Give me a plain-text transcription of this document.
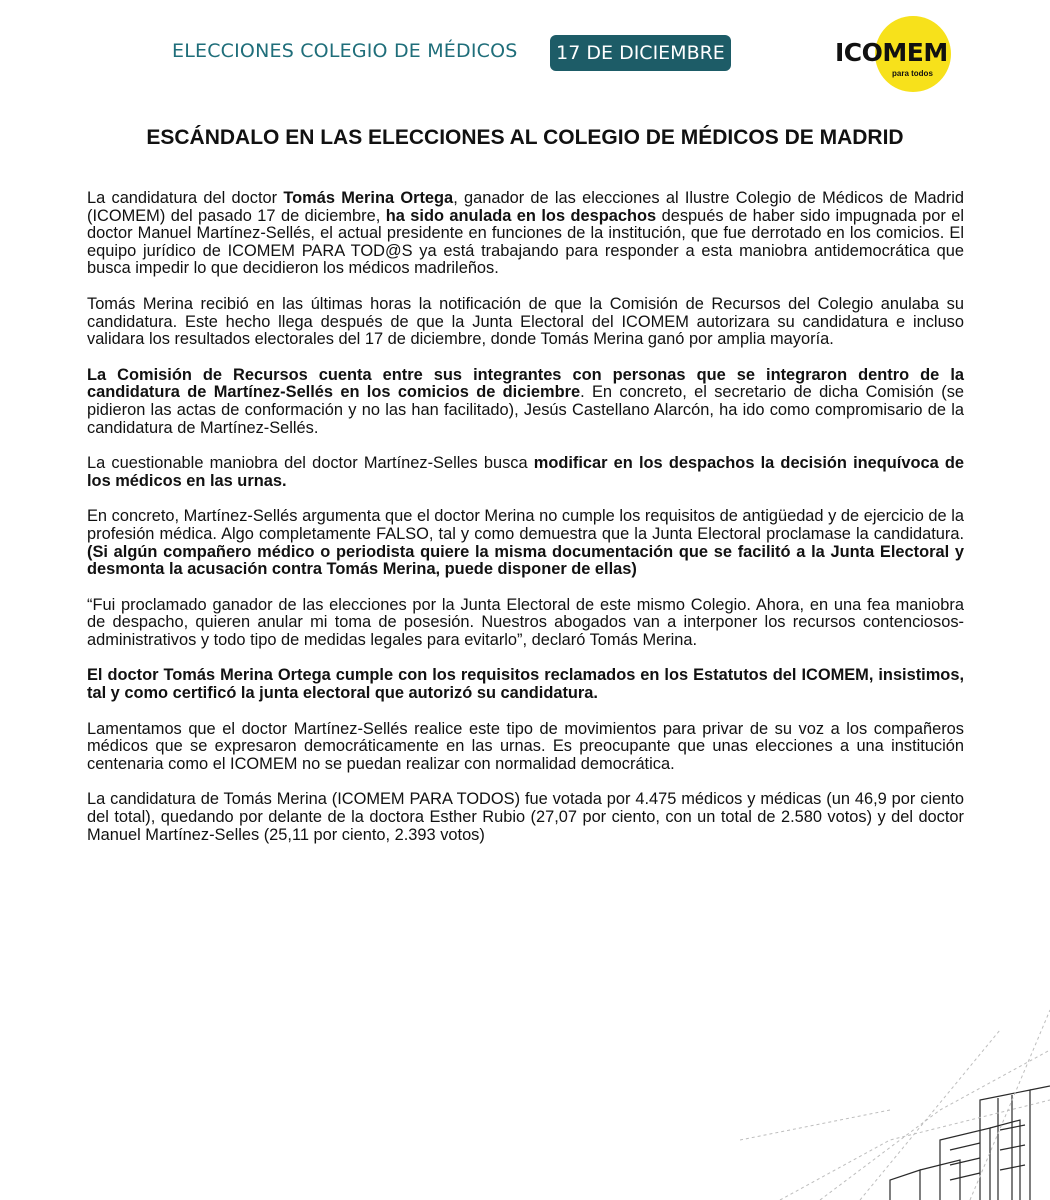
ELECCIONES COLEGIO DE MÉDICOS	17 DE DICIEMBRE	ICOMEM
para todos
ESCÁNDALO EN LAS ELECCIONES AL COLEGIO DE MÉDICOS DE MADRID

La candidatura del doctor Tomás Merina Ortega, ganador de las elecciones al Ilustre Colegio de Médicos de Madrid (ICOMEM) del pasado 17 de diciembre, ha sido anulada en los despachos después de haber sido impugnada por el doctor Manuel Martínez-Sellés, el actual presidente en funciones de la institución, que fue derrotado en los comicios. El equipo jurídico de ICOMEM PARA TOD@S ya está trabajando para responder a esta maniobra antidemocrática que busca impedir lo que decidieron los médicos madrileños.

Tomás Merina recibió en las últimas horas la notificación de que la Comisión de Recursos del Colegio anulaba su candidatura. Este hecho llega después de que la Junta Electoral del ICOMEM autorizara su candidatura e incluso validara los resultados electorales del 17 de diciembre, donde Tomás Merina ganó por amplia mayoría.

La Comisión de Recursos cuenta entre sus integrantes con personas que se integraron dentro de la candidatura de Martínez-Sellés en los comicios de diciembre. En concreto, el secretario de dicha Comisión (se pidieron las actas de conformación y no las han facilitado), Jesús Castellano Alarcón, ha ido como compromisario de la candidatura de Martínez-Sellés.

La cuestionable maniobra del doctor Martínez-Selles busca modificar en los despachos la decisión inequívoca de los médicos en las urnas.

En concreto, Martínez-Sellés argumenta que el doctor Merina no cumple los requisitos de antigüedad y de ejercicio de la profesión médica. Algo completamente FALSO, tal y como demuestra que la Junta Electoral proclamase la candidatura. (Si algún compañero médico o periodista quiere la misma documentación que se facilitó a la Junta Electoral y desmonta la acusación contra Tomás Merina, puede disponer de ellas)

“Fui proclamado ganador de las elecciones por la Junta Electoral de este mismo Colegio. Ahora, en una fea maniobra de despacho, quieren anular mi toma de posesión. Nuestros abogados van a interponer los recursos contenciosos-administrativos y todo tipo de medidas legales para evitarlo”, declaró Tomás Merina.

El doctor Tomás Merina Ortega cumple con los requisitos reclamados en los Estatutos del ICOMEM, insistimos, tal y como certificó la junta electoral que autorizó su candidatura.

Lamentamos que el doctor Martínez-Sellés realice este tipo de movimientos para privar de su voz a los compañeros médicos que se expresaron democráticamente en las urnas. Es preocupante que unas elecciones a una institución centenaria como el ICOMEM no se puedan realizar con normalidad democrática.

La candidatura de Tomás Merina (ICOMEM PARA TODOS) fue votada por 4.475 médicos y médicas (un 46,9 por ciento del total), quedando por delante de la doctora Esther Rubio (27,07 por ciento, con un total de 2.580 votos) y del doctor Manuel Martínez-Selles (25,11 por ciento, 2.393 votos)
